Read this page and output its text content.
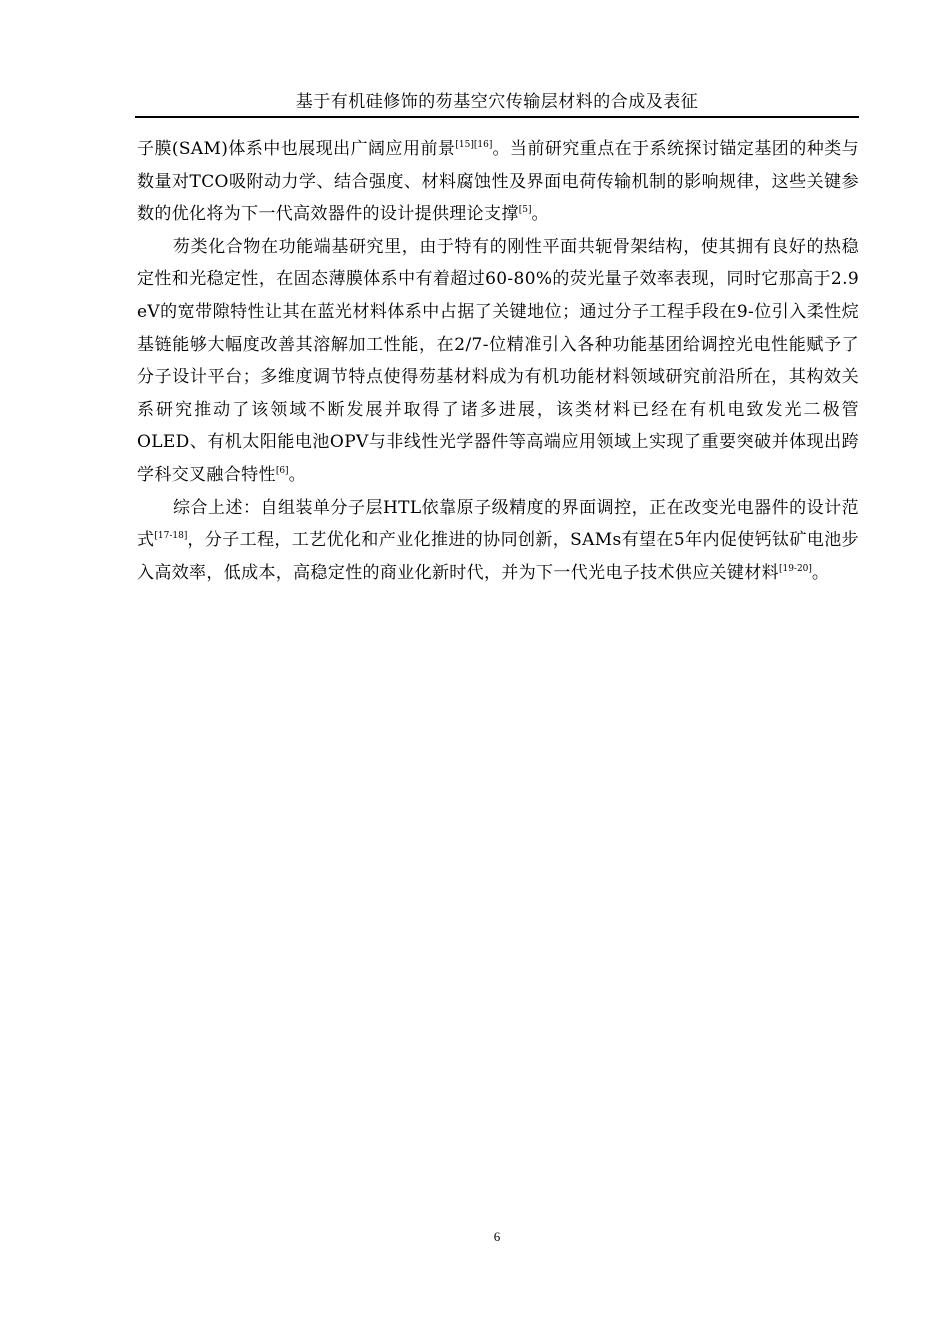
基于有机硅修饰的芴基空穴传输层材料的合成及表征

子膜(SAM)体系中也展现出广阔应用前景[15][16]。当前研究重点在于系统探讨锚定基团的种类与数量对TCO吸附动力学、结合强度、材料腐蚀性及界面电荷传输机制的影响规律，这些关键参数的优化将为下一代高效器件的设计提供理论支撑[5]。

芴类化合物在功能端基研究里，由于特有的刚性平面共轭骨架结构，使其拥有良好的热稳定性和光稳定性，在固态薄膜体系中有着超过60-80%的荧光量子效率表现，同时它那高于2.9 eV的宽带隙特性让其在蓝光材料体系中占据了关键地位；通过分子工程手段在9-位引入柔性烷基链能够大幅度改善其溶解加工性能，在2/7-位精准引入各种功能基团给调控光电性能赋予了分子设计平台；多维度调节特点使得芴基材料成为有机功能材料领域研究前沿所在，其构效关系研究推动了该领域不断发展并取得了诸多进展，该类材料已经在有机电致发光二极管OLED、有机太阳能电池OPV与非线性光学器件等高端应用领域上实现了重要突破并体现出跨学科交叉融合特性[6]。

综合上述：自组装单分子层HTL依靠原子级精度的界面调控，正在改变光电器件的设计范式[17-18]，分子工程，工艺优化和产业化推进的协同创新，SAMs有望在5年内促使钙钛矿电池步入高效率，低成本，高稳定性的商业化新时代，并为下一代光电子技术供应关键材料[19-20]。

6
